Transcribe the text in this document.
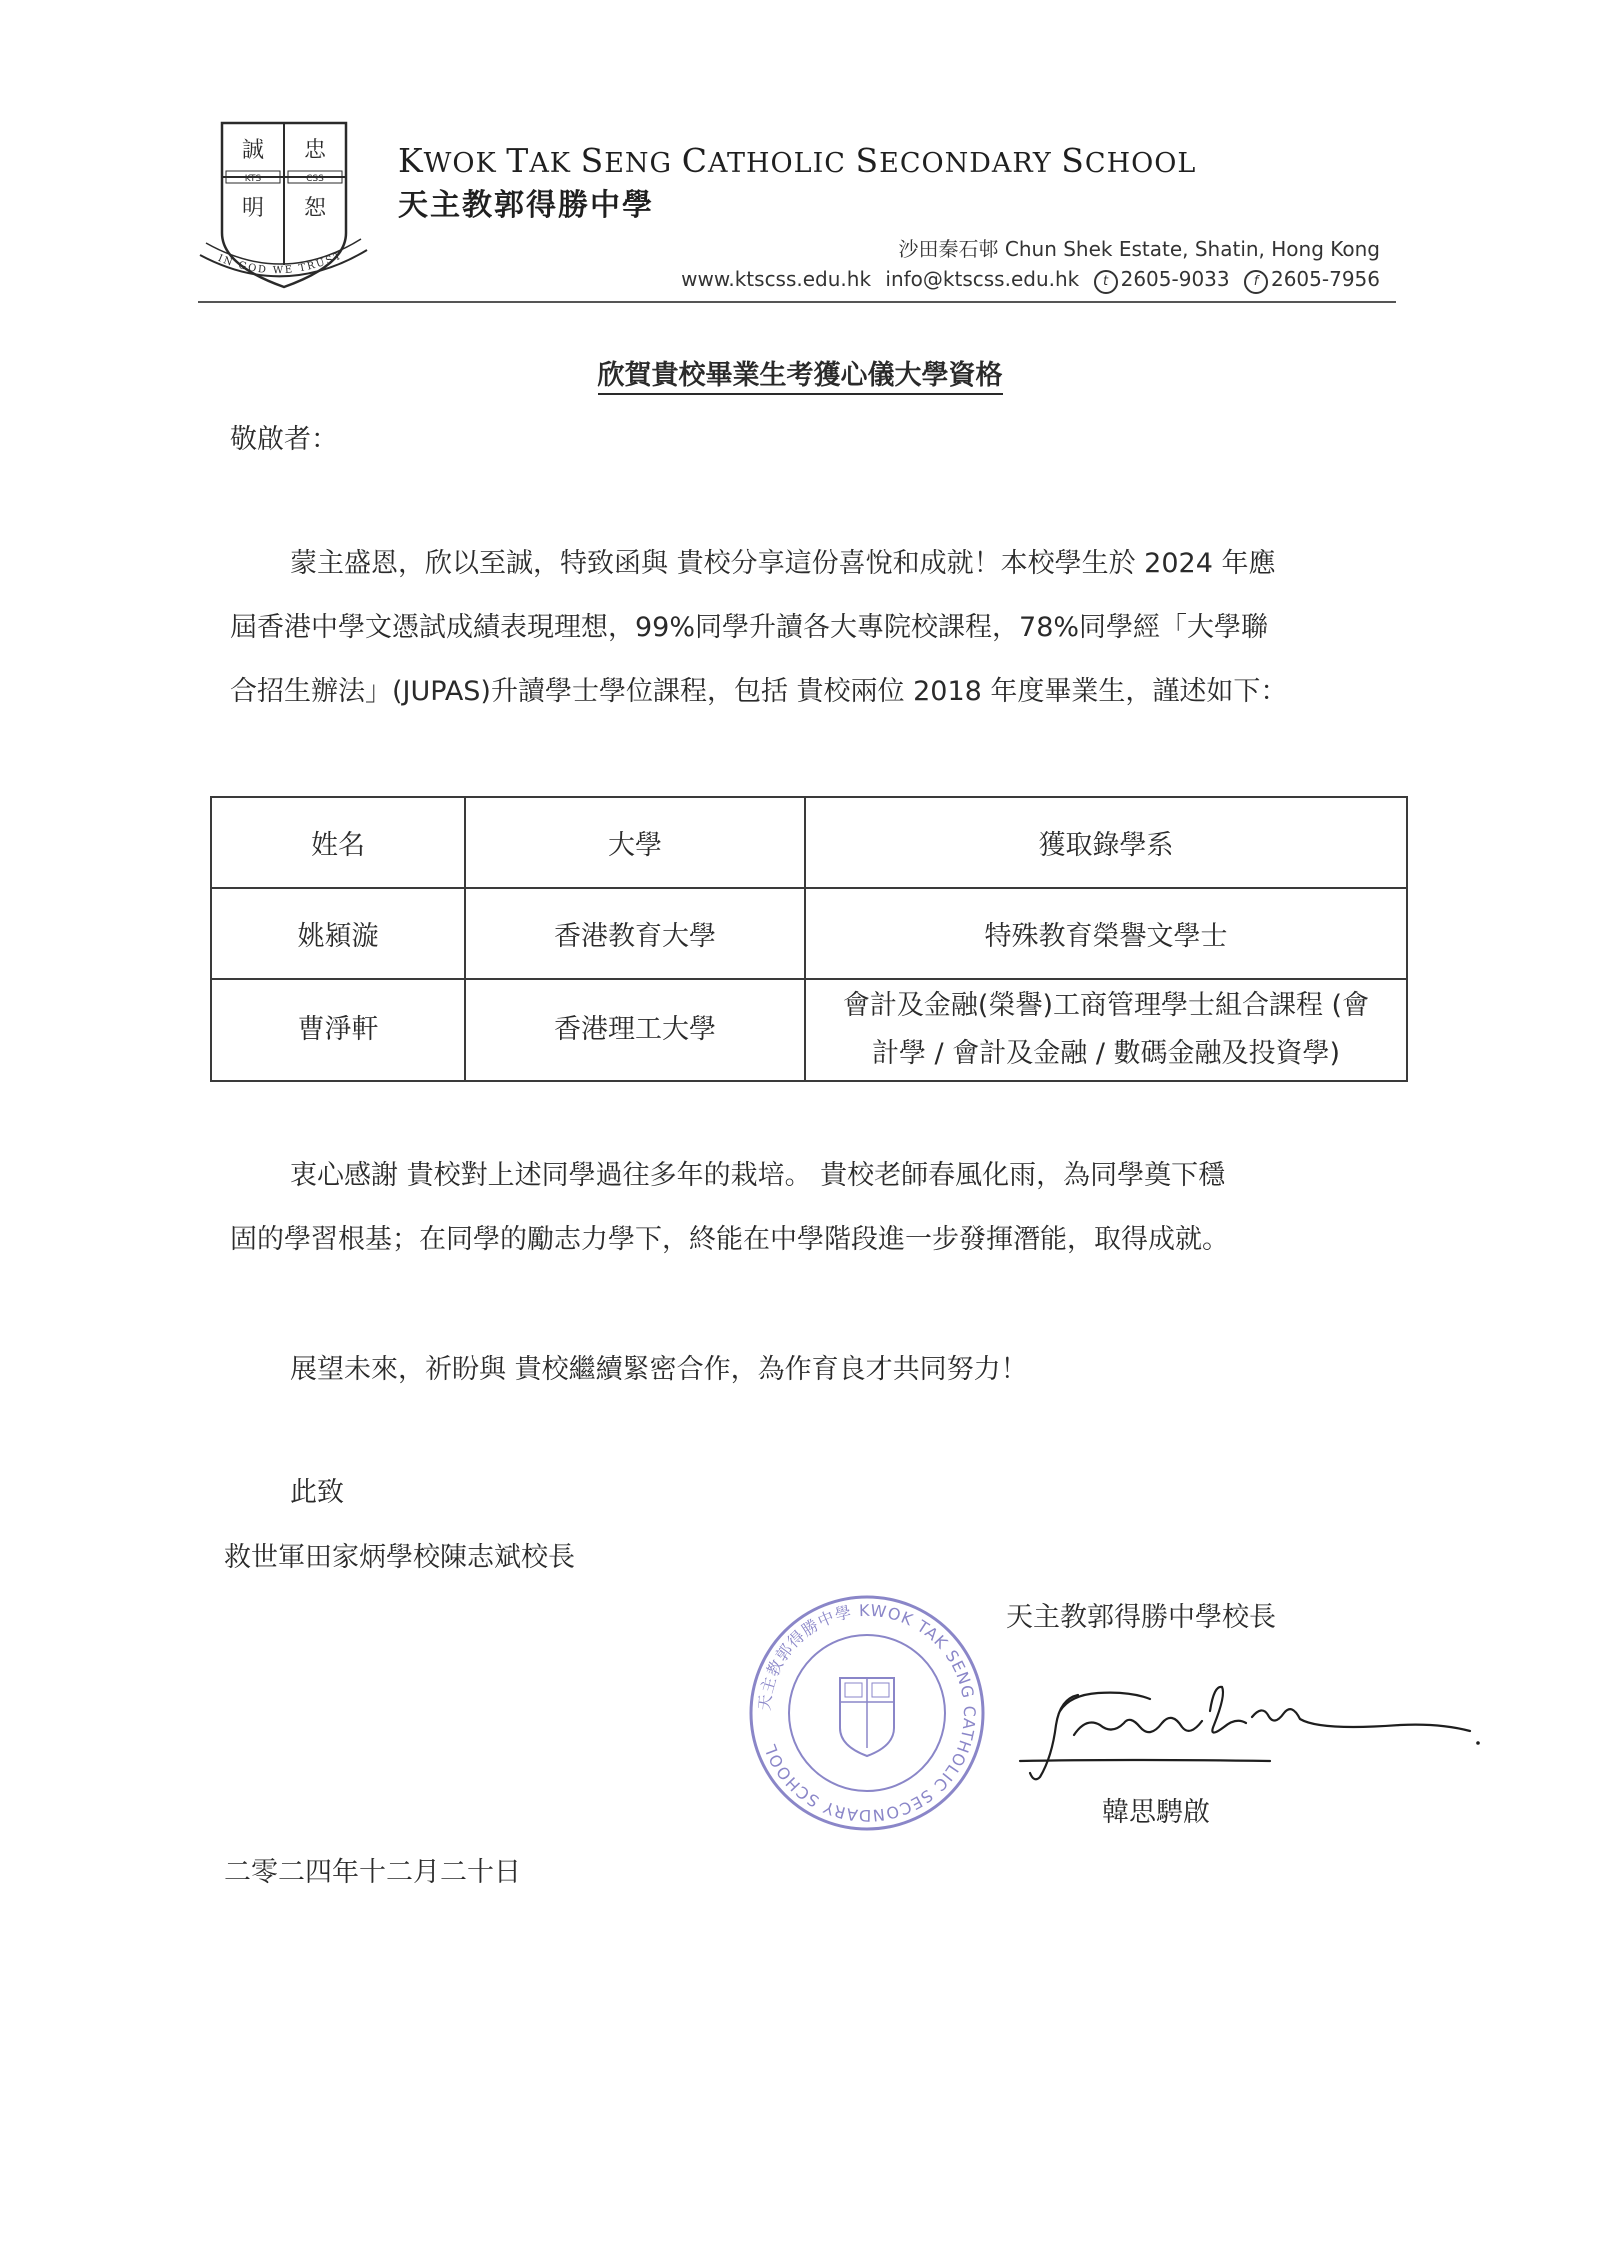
KTS	CSS
誠 忠
明 恕
IN GOD WE TRUST
KWOK TAK SENG CATHOLIC SECONDARY SCHOOL
天主教郭得勝中學
沙田秦石邨 Chun Shek Estate, Shatin, Hong Kong
www.ktscss.edu.hk info@ktscss.edu.hk t 2605-9033 f 2605-7956
欣賀貴校畢業生考獲心儀大學資格
敬啟者：
蒙主盛恩，欣以至誠，特致函與 貴校分享這份喜悅和成就！本校學生於 2024 年應
屆香港中學文憑試成績表現理想，99%同學升讀各大專院校課程，78%同學經「大學聯
合招生辦法」(JUPAS)升讀學士學位課程，包括 貴校兩位 2018 年度畢業生，謹述如下：
姓名	大學	獲取錄學系
姚潁漩	香港教育大學	特殊教育榮譽文學士
曹淨軒	香港理工大學	會計及金融(榮譽)工商管理學士組合課程 (會
計學 / 會計及金融 / 數碼金融及投資學)
衷心感謝 貴校對上述同學過往多年的栽培。 貴校老師春風化雨，為同學奠下穩
固的學習根基；在同學的勵志力學下，終能在中學階段進一步發揮潛能，取得成就。
展望未來，祈盼與 貴校繼續緊密合作，為作育良才共同努力！
此致
救世軍田家炳學校陳志斌校長
天主教郭得勝中學 KWOK TAK SENG CATHOLIC SECONDARY SCHOOL
天主教郭得勝中學校長
韓思騁啟
二零二四年十二月二十日
